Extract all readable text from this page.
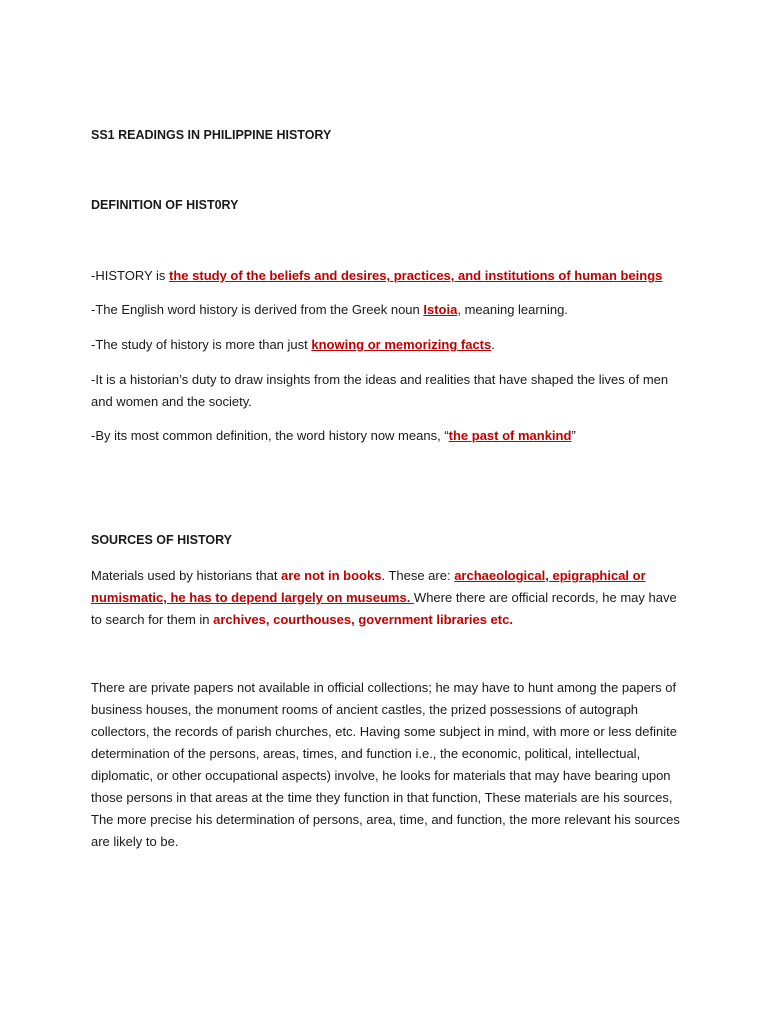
SS1 READINGS IN PHILIPPINE HISTORY

DEFINITION OF HIST0RY

-HISTORY is the study of the beliefs and desires, practices, and institutions of human beings

-The English word history is derived from the Greek noun Istoia, meaning learning.

-The study of history is more than just knowing or memorizing facts.

-It is a historian’s duty to draw insights from the ideas and realities that have shaped the lives of men and women and the society.

-By its most common definition, the word history now means, “the past of mankind”

SOURCES OF HISTORY

Materials used by historians that are not in books. These are: archaeological, epigraphical or numismatic, he has to depend largely on museums. Where there are official records, he may have to search for them in archives, courthouses, government libraries etc.

There are private papers not available in official collections; he may have to hunt among the papers of business houses, the monument rooms of ancient castles, the prized possessions of autograph collectors, the records of parish churches, etc. Having some subject in mind, with more or less definite determination of the persons, areas, times, and function i.e., the economic, political, intellectual, diplomatic, or other occupational aspects) involve, he looks for materials that may have bearing upon those persons in that areas at the time they function in that function, These materials are his sources, The more precise his determination of persons, area, time, and function, the more relevant his sources are likely to be.
